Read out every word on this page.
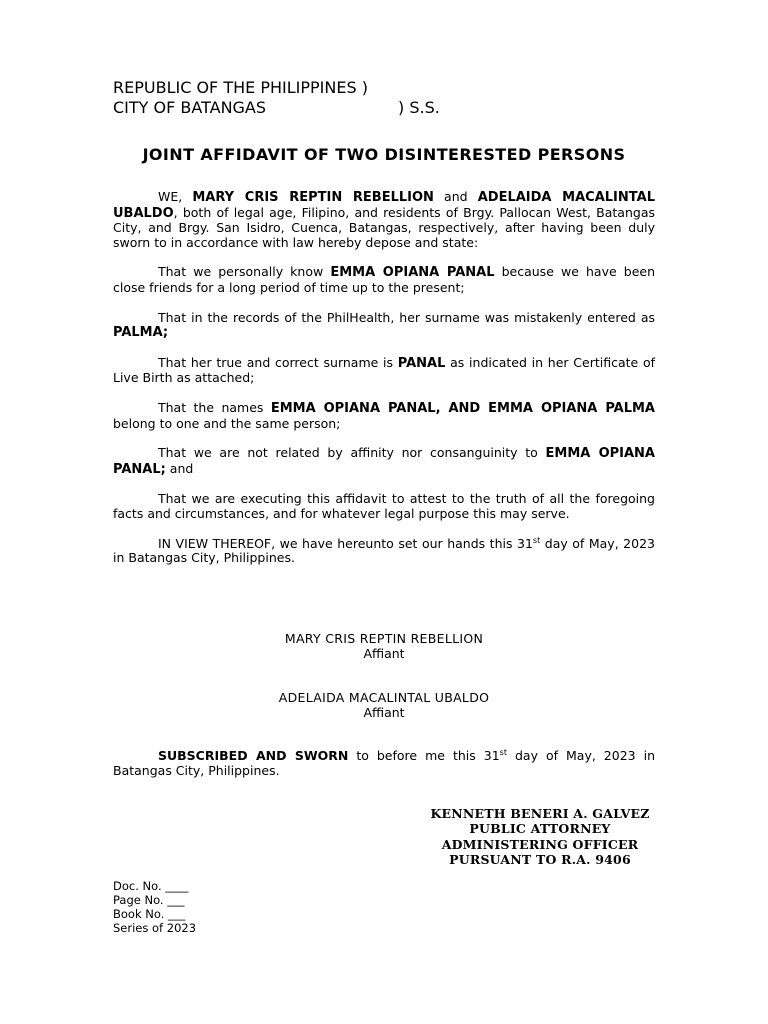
REPUBLIC OF THE PHILIPPINES )
CITY OF BATANGAS	) S.S.
JOINT AFFIDAVIT OF TWO DISINTERESTED PERSONS

WE, MARY CRIS REPTIN REBELLION and ADELAIDA MACALINTAL UBALDO, both of legal age, Filipino, and residents of Brgy. Pallocan West, Batangas City, and Brgy. San Isidro, Cuenca, Batangas, respectively, after having been duly sworn to in accordance with law hereby depose and state:

That we personally know EMMA OPIANA PANAL because we have been close friends for a long period of time up to the present;

That in the records of the PhilHealth, her surname was mistakenly entered as PALMA;

That her true and correct surname is PANAL as indicated in her Certificate of Live Birth as attached;

That the names EMMA OPIANA PANAL, AND EMMA OPIANA PALMA belong to one and the same person;

That we are not related by affinity nor consanguinity to EMMA OPIANA PANAL; and

That we are executing this affidavit to attest to the truth of all the foregoing facts and circumstances, and for whatever legal purpose this may serve.

IN VIEW THEREOF, we have hereunto set our hands this 31st day of May, 2023 in Batangas City, Philippines.

MARY CRIS REPTIN REBELLION
Affiant
ADELAIDA MACALINTAL UBALDO
Affiant
SUBSCRIBED AND SWORN to before me this 31st day of May, 2023 in Batangas City, Philippines.
KENNETH BENERI A. GALVEZ
PUBLIC ATTORNEY
ADMINISTERING OFFICER
PURSUANT TO R.A. 9406
Doc. No. ____
Page No. ___
Book No. ___
Series of 2023
